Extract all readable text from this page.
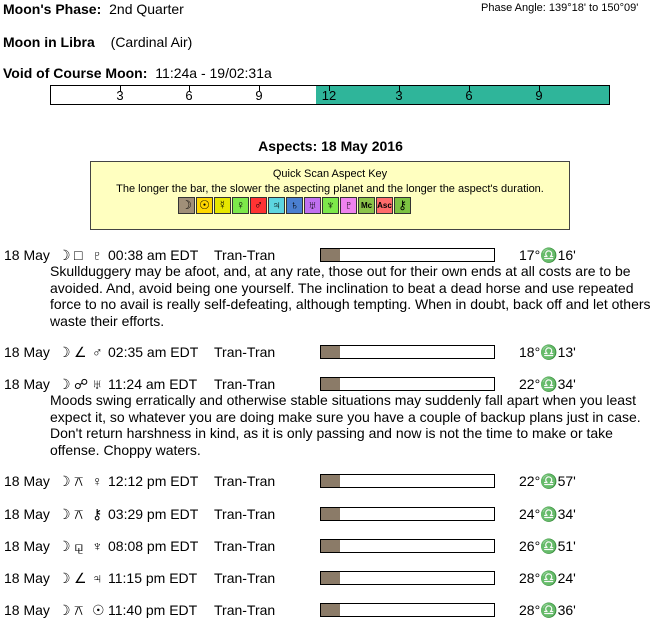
Moon's Phase: 2nd Quarter	Phase Angle: 139°18' to 150°09'
Moon in Libra (Cardinal Air)
Void of Course Moon: 11:24a - 19/02:31a
3	6	9	12	3	6	9
Aspects: 18 May 2016
Quick Scan Aspect Key
The longer the bar, the slower the aspecting planet and the longer the aspect's duration.
☽ ☉ ☿ ♀ ♂ ♃ ♄ ♅ ♆ ♇ Mc Asc ⚷
18 May ☽ □ ♇ 00:38 am EDT Tran-Tran	17°♎16'
Skullduggery may be afoot, and, at any rate, those out for their own ends at all costs are to be avoided. And, avoid being one yourself. The inclination to beat a dead horse and use repeated force to no avail is really self-defeating, although tempting. When in doubt, back off and let others waste their efforts.
18 May ☽ ∠ ♂ 02:35 am EDT Tran-Tran	18°♎13'
18 May ☽ ☍ ♅ 11:24 am EDT Tran-Tran	22°♎34'
Moods swing erratically and otherwise stable situations may suddenly fall apart when you least expect it, so whatever you are doing make sure you have a couple of backup plans just in case. Don't return harshness in kind, as it is only passing and now is not the time to make or take offense. Choppy waters.
18 May ☽ ⚻ ♀ 12:12 pm EDT Tran-Tran	22°♎57'
18 May ☽ ⚻ ⚷ 03:29 pm EDT Tran-Tran	24°♎34'
18 May ☽ ⚼ ♆ 08:08 pm EDT Tran-Tran	26°♎51'
18 May ☽ ∠ ♃ 11:15 pm EDT Tran-Tran	28°♎24'
18 May ☽ ⚻ ☉ 11:40 pm EDT Tran-Tran	28°♎36'
